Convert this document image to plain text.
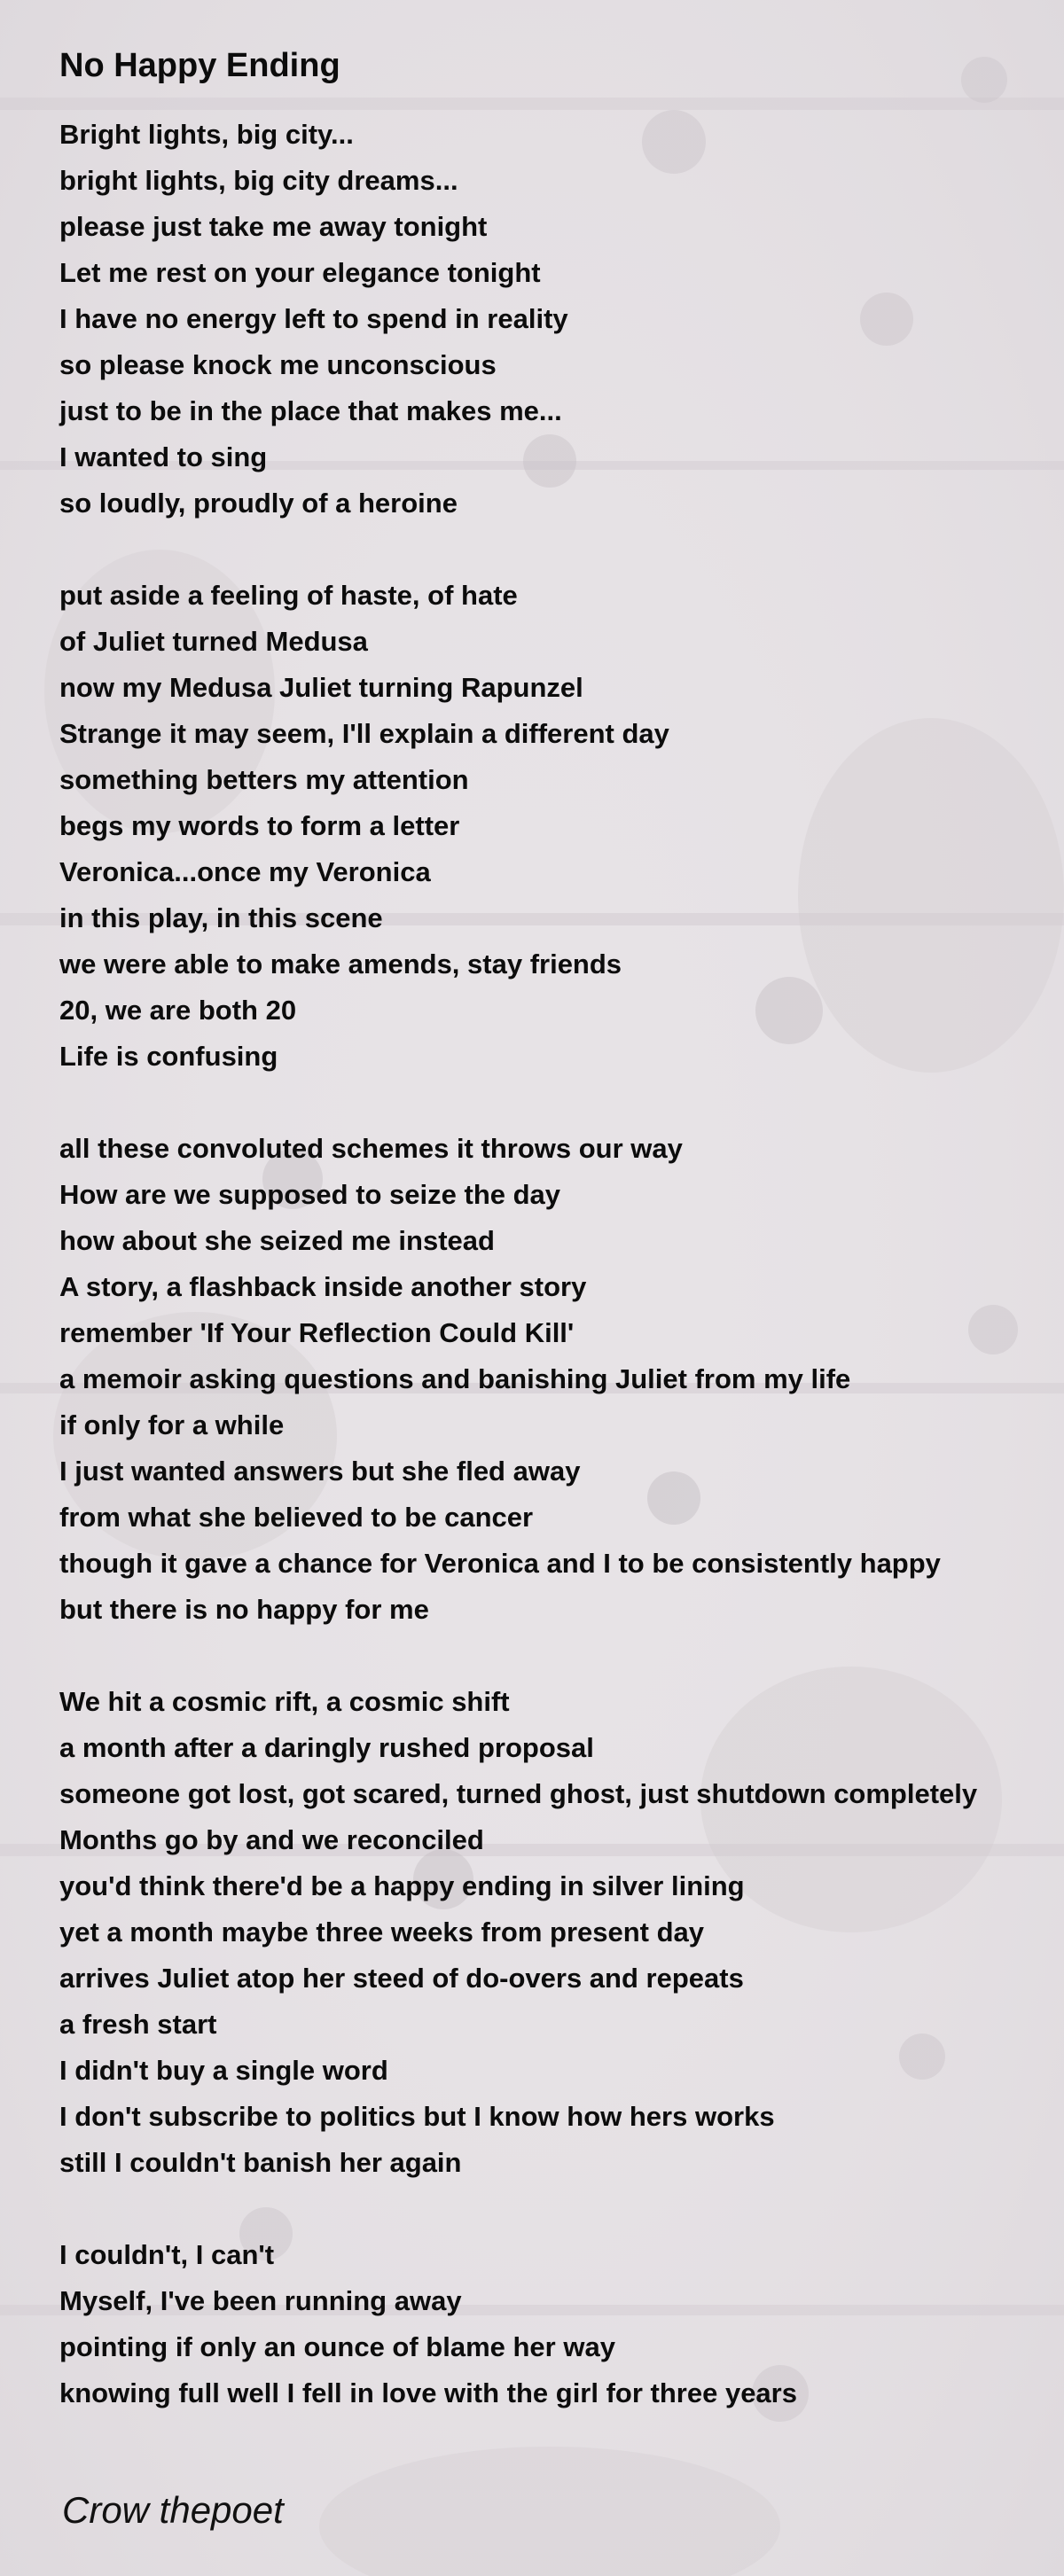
No Happy Ending
Bright lights, big city...
bright lights, big city dreams...
please just take me away tonight
Let me rest on your elegance tonight
I have no energy left to spend in reality
so please knock me unconscious
just to be in the place that makes me...
I wanted to sing
so loudly, proudly of a heroine
put aside a feeling of haste, of hate
of Juliet turned Medusa
now my Medusa Juliet turning Rapunzel
Strange it may seem, I'll explain a different day
something betters my attention
begs my words to form a letter
Veronica...once my Veronica
in this play, in this scene
we were able to make amends, stay friends
20, we are both 20
Life is confusing
all these convoluted schemes it throws our way
How are we supposed to seize the day
how about she seized me instead
A story, a flashback inside another story
remember 'If Your Reflection Could Kill'
a memoir asking questions and banishing Juliet from my life
if only for a while
I just wanted answers but she fled away
from what she believed to be cancer
though it gave a chance for Veronica and I to be consistently happy
but there is no happy for me
We hit a cosmic rift, a cosmic shift
a month after a daringly rushed proposal
someone got lost, got scared, turned ghost, just shutdown completely
Months go by and we reconciled
you'd think there'd be a happy ending in silver lining
yet a month maybe three weeks from present day
arrives Juliet atop her steed of do-overs and repeats
a fresh start
I didn't buy a single word
I don't subscribe to politics but I know how hers works
still I couldn't banish her again
I couldn't, I can't
Myself, I've been running away
pointing if only an ounce of blame her way
knowing full well I fell in love with the girl for three years
Crow thepoet
